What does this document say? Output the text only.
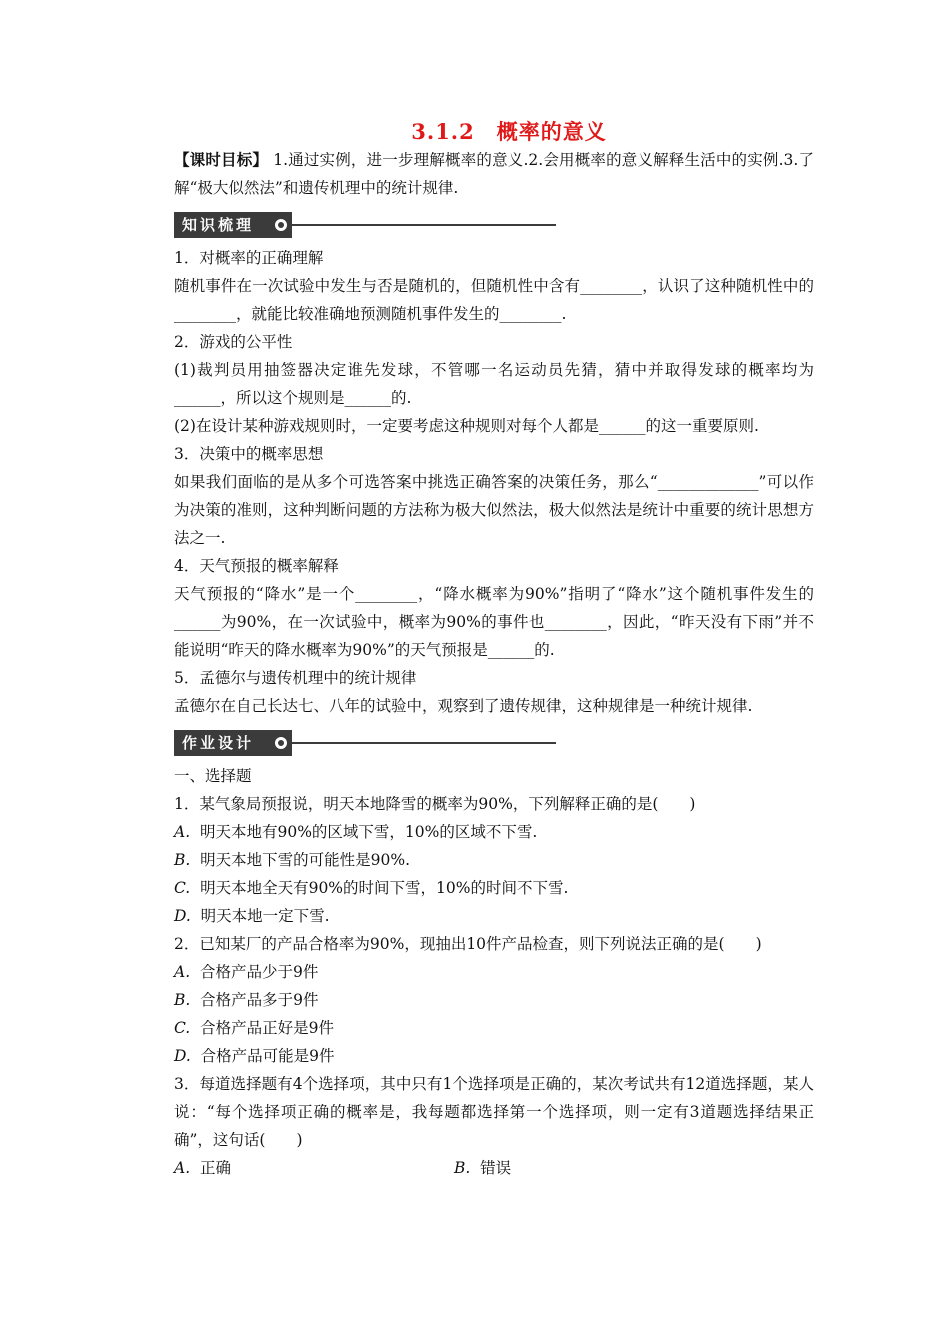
3.1.2　概率的意义
【课时目标】 1.通过实例，进一步理解概率的意义.2.会用概率的意义解释生活中的实例.3.了解“极大似然法”和遗传机理中的统计规律.
知识梳理
1．对概率的正确理解
随机事件在一次试验中发生与否是随机的，但随机性中含有________，认识了这种随机性中的________，就能比较准确地预测随机事件发生的________.
2．游戏的公平性
(1)裁判员用抽签器决定谁先发球，不管哪一名运动员先猜，猜中并取得发球的概率均为______，所以这个规则是______的.
(2)在设计某种游戏规则时，一定要考虑这种规则对每个人都是______的这一重要原则.
3．决策中的概率思想
如果我们面临的是从多个可选答案中挑选正确答案的决策任务，那么“_____________”可以作为决策的准则，这种判断问题的方法称为极大似然法，极大似然法是统计中重要的统计思想方法之一.
4．天气预报的概率解释
天气预报的“降水”是一个________，“降水概率为90%”指明了“降水”这个随机事件发生的______为90%，在一次试验中，概率为90%的事件也________，因此，“昨天没有下雨”并不能说明“昨天的降水概率为90%”的天气预报是______的.
5．孟德尔与遗传机理中的统计规律
孟德尔在自己长达七、八年的试验中，观察到了遗传规律，这种规律是一种统计规律.
作业设计
一、选择题
1．某气象局预报说，明天本地降雪的概率为90%，下列解释正确的是(　　)
A.  明天本地有90%的区域下雪，10%的区域不下雪.
B.  明天本地下雪的可能性是90%.
C.  明天本地全天有90%的时间下雪，10%的时间不下雪.
D.  明天本地一定下雪.
2．已知某厂的产品合格率为90%，现抽出10件产品检查，则下列说法正确的是(　　)
A.  合格产品少于9件
B.  合格产品多于9件
C.  合格产品正好是9件
D.  合格产品可能是9件
3．每道选择题有4个选择项，其中只有1个选择项是正确的，某次考试共有12道选择题，某人说：“每个选择项正确的概率是，我每题都选择第一个选择项，则一定有3道题选择结果正确”，这句话(　　)
A.  正确	B.  错误
